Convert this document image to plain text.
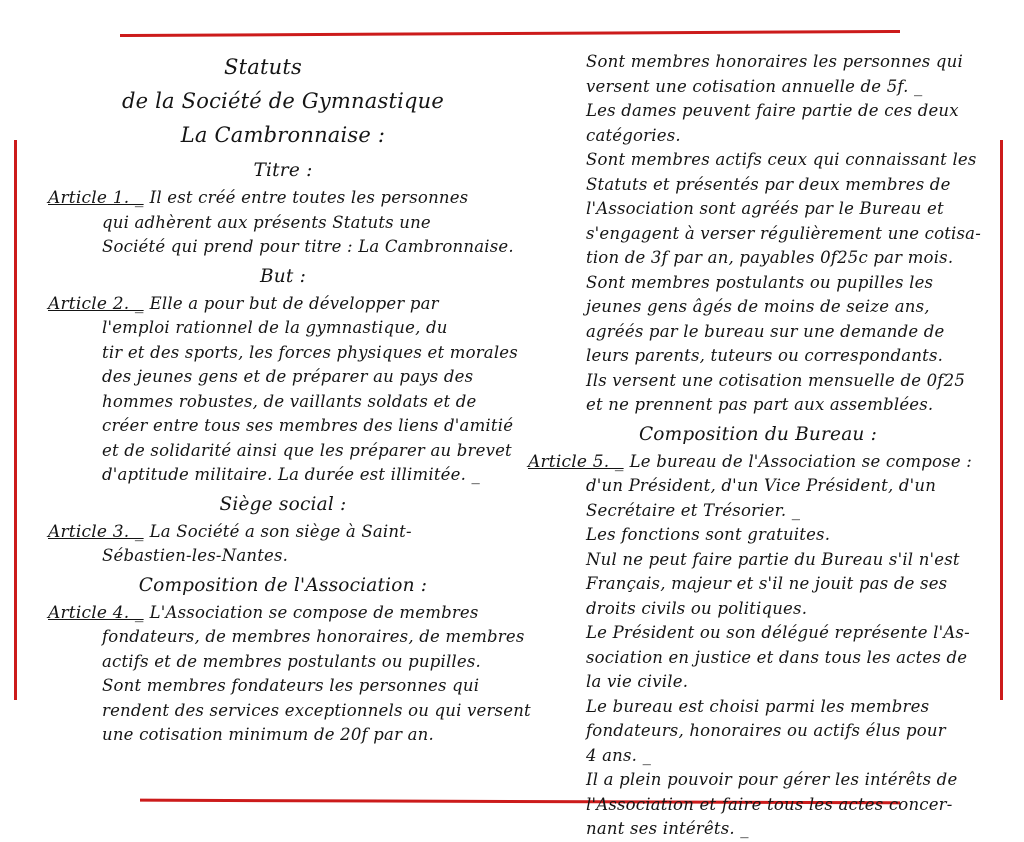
Statuts
de la Société de Gymnastique
La Cambronnaise :
Titre :
Article 1. _ Il est créé entre toutes les personnes
qui adhèrent aux présents Statuts une
Société qui prend pour titre : La Cambronnaise.
But :
Article 2. _ Elle a pour but de développer par
l'emploi rationnel de la gymnastique, du
tir et des sports, les forces physiques et morales
des jeunes gens et de préparer au pays des
hommes robustes, de vaillants soldats et de
créer entre tous ses membres des liens d'amitié
et de solidarité ainsi que les préparer au brevet
d'aptitude militaire. La durée est illimitée. _
Siège social :
Article 3. _ La Société a son siège à Saint-
Sébastien-les-Nantes.
Composition de l'Association :
Article 4. _ L'Association se compose de membres
fondateurs, de membres honoraires, de membres
actifs et de membres postulants ou pupilles.
Sont membres fondateurs les personnes qui
rendent des services exceptionnels ou qui versent
une cotisation minimum de 20f par an.
Sont membres honoraires les personnes qui
versent une cotisation annuelle de 5f. _
Les dames peuvent faire partie de ces deux
catégories.
Sont membres actifs ceux qui connaissant les
Statuts et présentés par deux membres de
l'Association sont agréés par le Bureau et
s'engagent à verser régulièrement une cotisa-
tion de 3f par an, payables 0f25c par mois.
Sont membres postulants ou pupilles les
jeunes gens âgés de moins de seize ans,
agréés par le bureau sur une demande de
leurs parents, tuteurs ou correspondants.
Ils versent une cotisation mensuelle de 0f25
et ne prennent pas part aux assemblées.
Composition du Bureau :
Article 5. _ Le bureau de l'Association se compose :
d'un Président, d'un Vice Président, d'un
Secrétaire et Trésorier. _
Les fonctions sont gratuites.
Nul ne peut faire partie du Bureau s'il n'est
Français, majeur et s'il ne jouit pas de ses
droits civils ou politiques.
Le Président ou son délégué représente l'As-
sociation en justice et dans tous les actes de
la vie civile.
Le bureau est choisi parmi les membres
fondateurs, honoraires ou actifs élus pour
4 ans. _
Il a plein pouvoir pour gérer les intérêts de
l'Association et faire tous les actes concer-
nant ses intérêts. _
